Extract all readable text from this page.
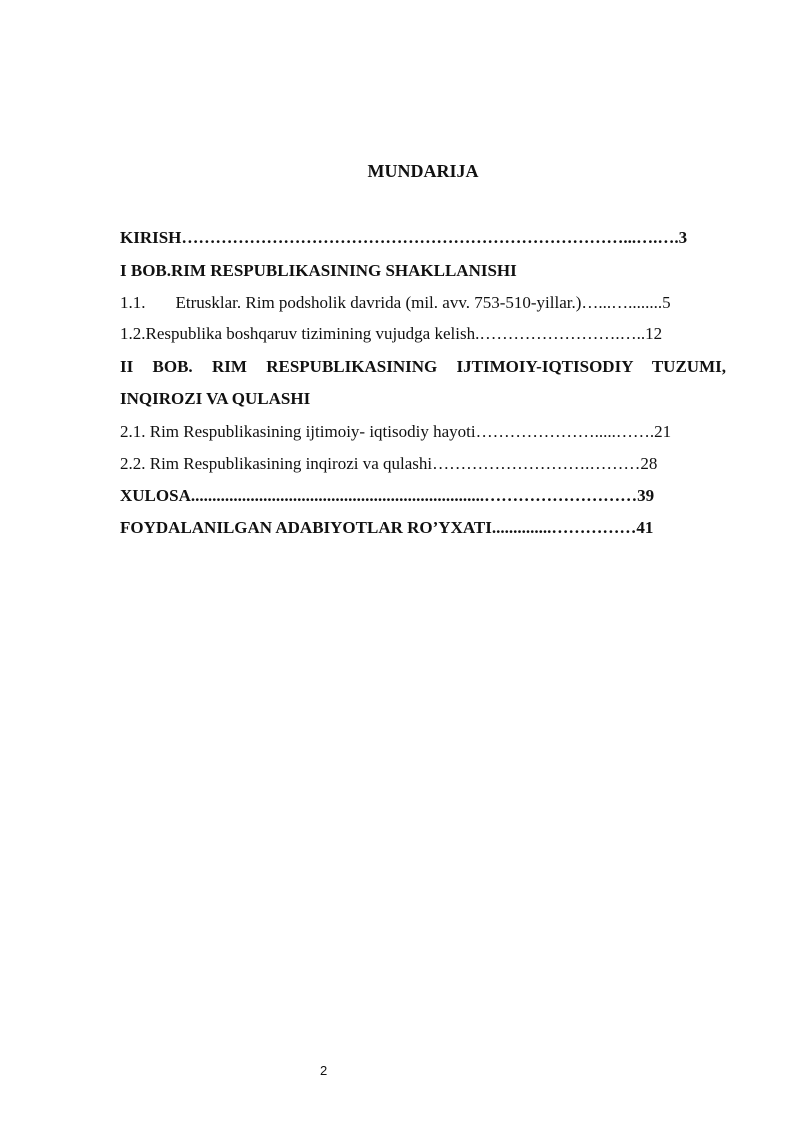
MUNDARIJA
KIRISH……………………………………………………………………...….….3
I BOB.RIM RESPUBLIKASINING SHAKLLANISHI
1.1. Etrusklar. Rim podsholik davrida (mil. avv. 753-510-yillar.)…...…........5
1.2.Respublika boshqaruv tizimining vujudga kelish.…………………….…..12
II BOB. RIM RESPUBLIKASINING IJTIMOIY-IQTISODIY TUZUMI,
INQIROZI VA QULASHI
2.1. Rim Respublikasining ijtimoiy- iqtisodiy hayoti………………….....…….21
2.2. Rim Respublikasining inqirozi va qulashi……………………….………28
XULOSA.....................................................................………………………39
FOYDALANILGAN ADABIYOTLAR RO’YXATI..............……………41
2
